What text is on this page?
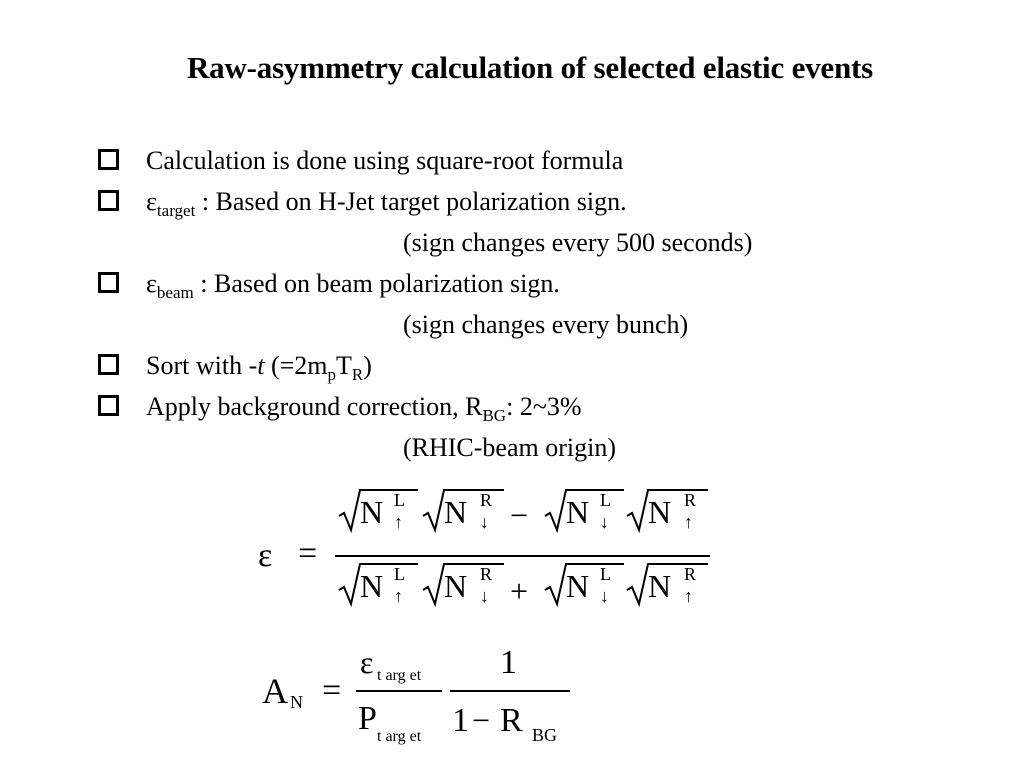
Raw-asymmetry calculation of selected elastic events
Calculation is done using square-root formula
$\varepsilon_{target}$ : Based on H-Jet target polarization sign.
(sign changes every 500 seconds)
$\varepsilon_{beam}$ : Based on beam polarization sign.
(sign changes every bunch)
Sort with -t $(=2m_pT_R)$
Apply background correction, $R_{BG}$: 2~3%
(RHIC-beam origin)
ε =
N L
↑ N R
↓ − N L
↓ N R
↑
N L
↑ N R
↓ + N L
↓ N R
↑
A N =
ε t arg et
P t arg et
1
1 − R BG
